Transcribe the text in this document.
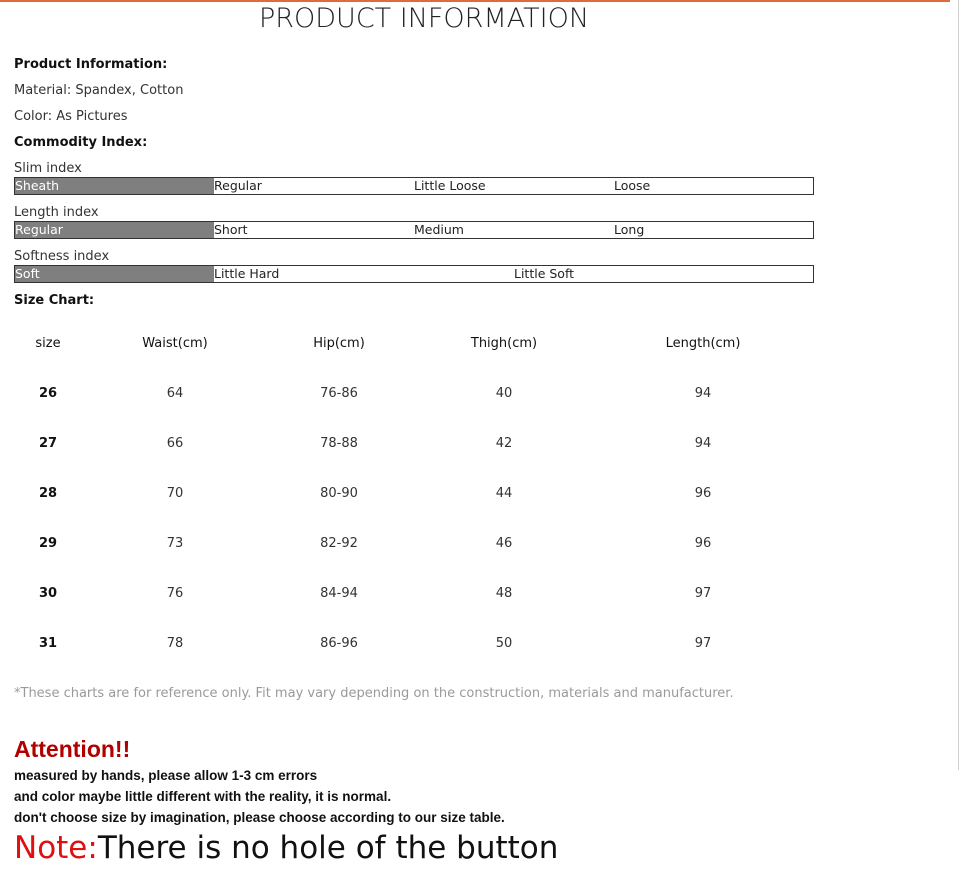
PRODUCT INFORMATION
Product Information:
Material: Spandex, Cotton
Color: As Pictures
Commodity Index:
Slim index
Sheath	Regular	Little Loose	Loose
Length index
Regular	Short	Medium	Long
Softness index
Soft	Little Hard	Little Soft
Size Chart:
size	Waist(cm)	Hip(cm)	Thigh(cm)	Length(cm)
26	64	76-86	40	94
27	66	78-88	42	94
28	70	80-90	44	96
29	73	82-92	46	96
30	76	84-94	48	97
31	78	86-96	50	97
*These charts are for reference only. Fit may vary depending on the construction, materials and manufacturer.
Attention!!
measured by hands, please allow 1-3 cm errors
and color maybe little different with the reality, it is normal.
don't choose size by imagination, please choose according to our size table.
Note:There is no hole of the button
